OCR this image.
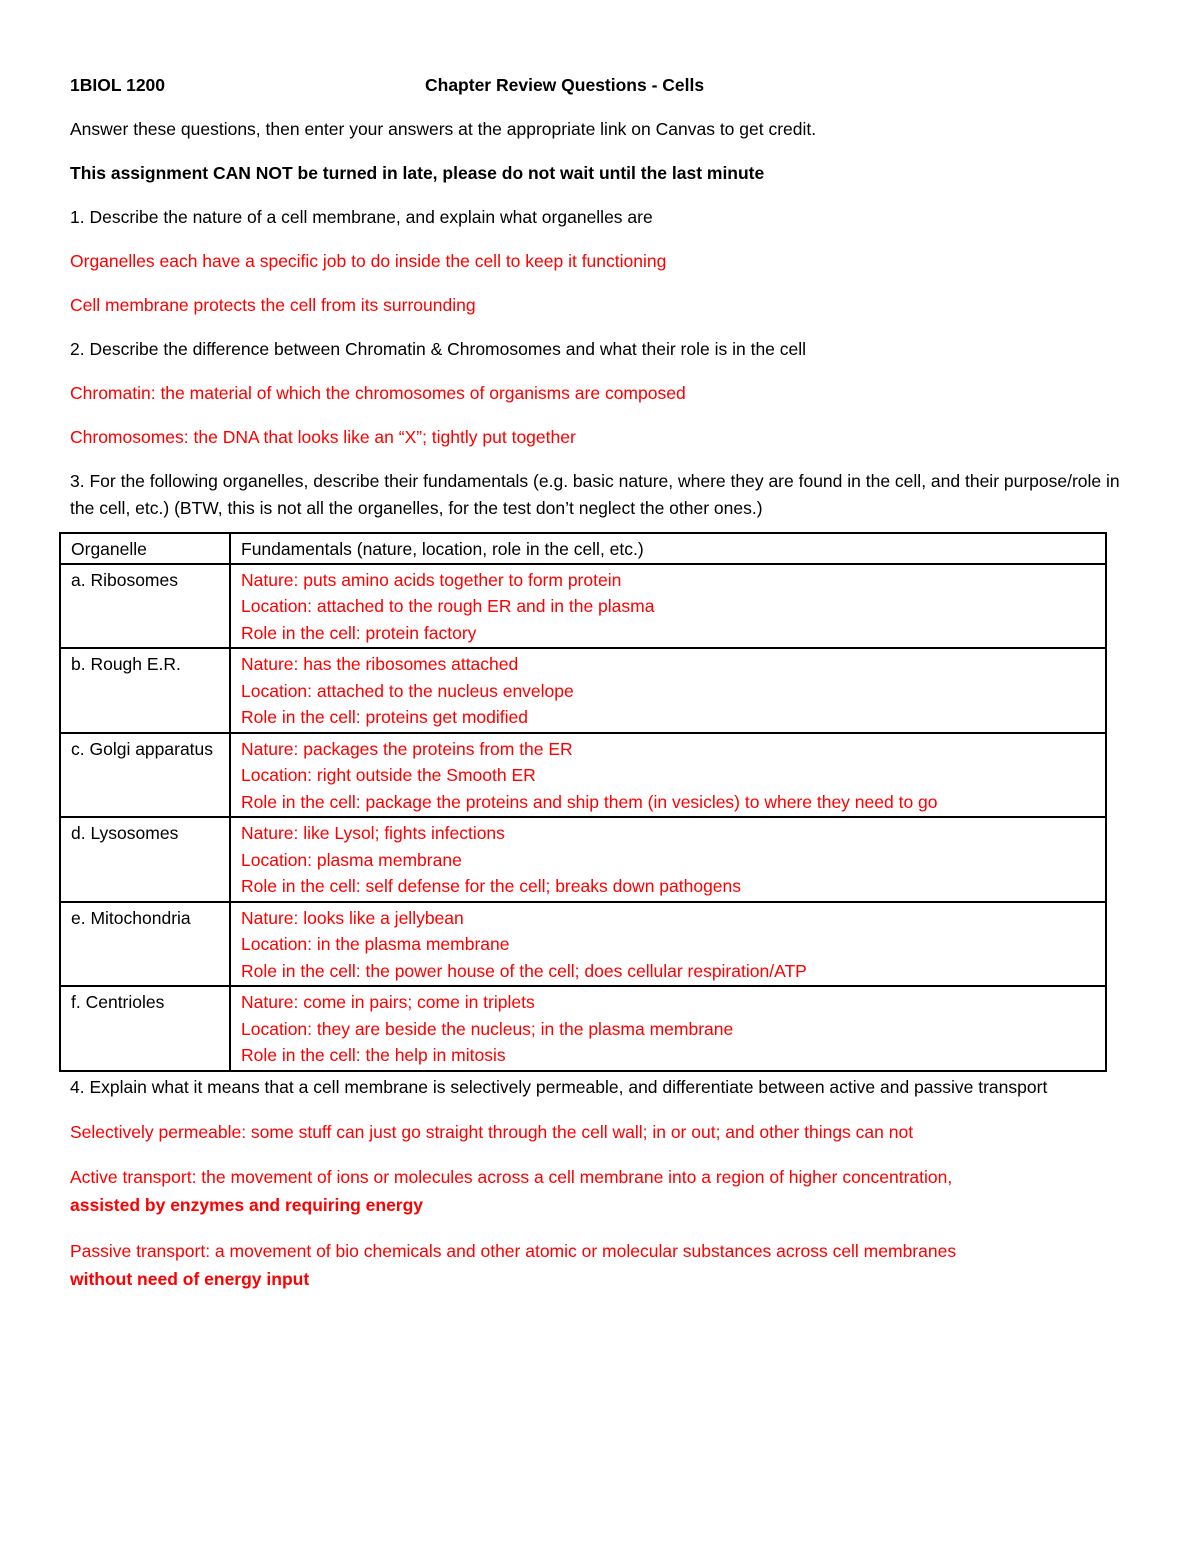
1BIOL 1200	Chapter Review Questions - Cells

Answer these questions, then enter your answers at the appropriate link on Canvas to get credit.

This assignment CAN NOT be turned in late, please do not wait until the last minute

1. Describe the nature of a cell membrane, and explain what organelles are

Organelles each have a specific job to do inside the cell to keep it functioning

Cell membrane protects the cell from its surrounding

2. Describe the difference between Chromatin & Chromosomes and what their role is in the cell

Chromatin: the material of which the chromosomes of organisms are composed

Chromosomes: the DNA that looks like an “X”; tightly put together

3. For the following organelles, describe their fundamentals (e.g. basic nature, where they are found in the cell, and their purpose/role in the cell, etc.) (BTW, this is not all the organelles, for the test don’t neglect the other ones.)

Organelle	Fundamentals (nature, location, role in the cell, etc.)
a. Ribosomes	Nature: puts amino acids together to form protein
Location: attached to the rough ER and in the plasma
Role in the cell: protein factory

b. Rough E.R.	Nature: has the ribosomes attached
Location: attached to the nucleus envelope
Role in the cell: proteins get modified

c. Golgi apparatus	Nature: packages the proteins from the ER
Location: right outside the Smooth ER
Role in the cell: package the proteins and ship them (in vesicles) to where they need to go

d. Lysosomes	Nature: like Lysol; fights infections
Location: plasma membrane
Role in the cell: self defense for the cell; breaks down pathogens

e. Mitochondria	Nature: looks like a jellybean
Location: in the plasma membrane
Role in the cell: the power house of the cell; does cellular respiration/ATP

f. Centrioles	Nature: come in pairs; come in triplets
Location: they are beside the nucleus; in the plasma membrane
Role in the cell: the help in mitosis

4. Explain what it means that a cell membrane is selectively permeable, and differentiate between active and passive transport

Selectively permeable: some stuff can just go straight through the cell wall; in or out; and other things can not

Active transport: the movement of ions or molecules across a cell membrane into a region of higher concentration,
assisted by enzymes and requiring energy

Passive transport: a movement of bio chemicals and other atomic or molecular substances across cell membranes
without need of energy input
